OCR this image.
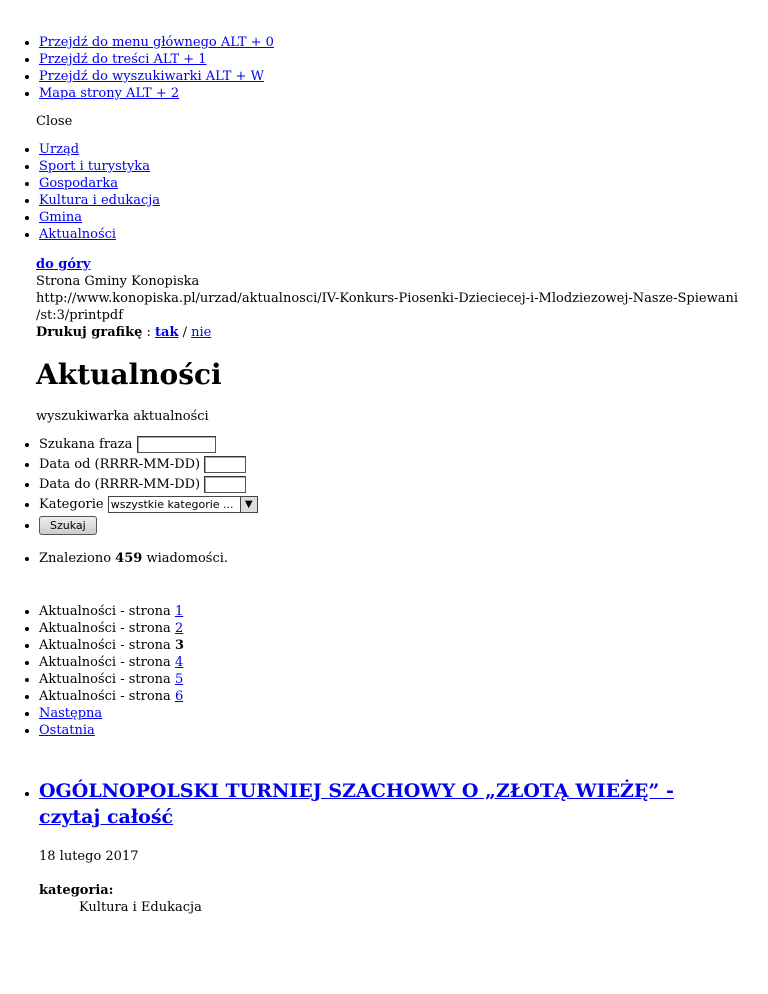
• Przejdź do menu głównego ALT + 0
• Przejdź do treści ALT + 1
• Przejdź do wyszukiwarki ALT + W
• Mapa strony ALT + 2
Close
• Urząd
• Sport i turystyka
• Gospodarka
• Kultura i edukacja
• Gmina
• Aktualności
do góry
Strona Gminy Konopiska
http://www.konopiska.pl/urzad/aktualnosci/IV-Konkurs-Piosenki-Dzieciecej-i-Mlodziezowej-Nasze-Spiewani
/st:3/printpdf
Drukuj grafikę : tak / nie
Aktualności
wyszukiwarka aktualności
• Szukana fraza
• Data od (RRRR-MM-DD)
• Data do (RRRR-MM-DD)
• Kategorie wszystkie kategorie ...	▼
• Szukaj
• Znaleziono 459 wiadomości.
• Aktualności - strona 1
• Aktualności - strona 2
• Aktualności - strona 3
• Aktualności - strona 4
• Aktualności - strona 5
• Aktualności - strona 6
• Następna
• Ostatnia
• OGÓLNOPOLSKI TURNIEJ SZACHOWY O „ZŁOTĄ WIEŻĘ” -
czytaj całość
18 lutego 2017
kategoria:
Kultura i Edukacja
